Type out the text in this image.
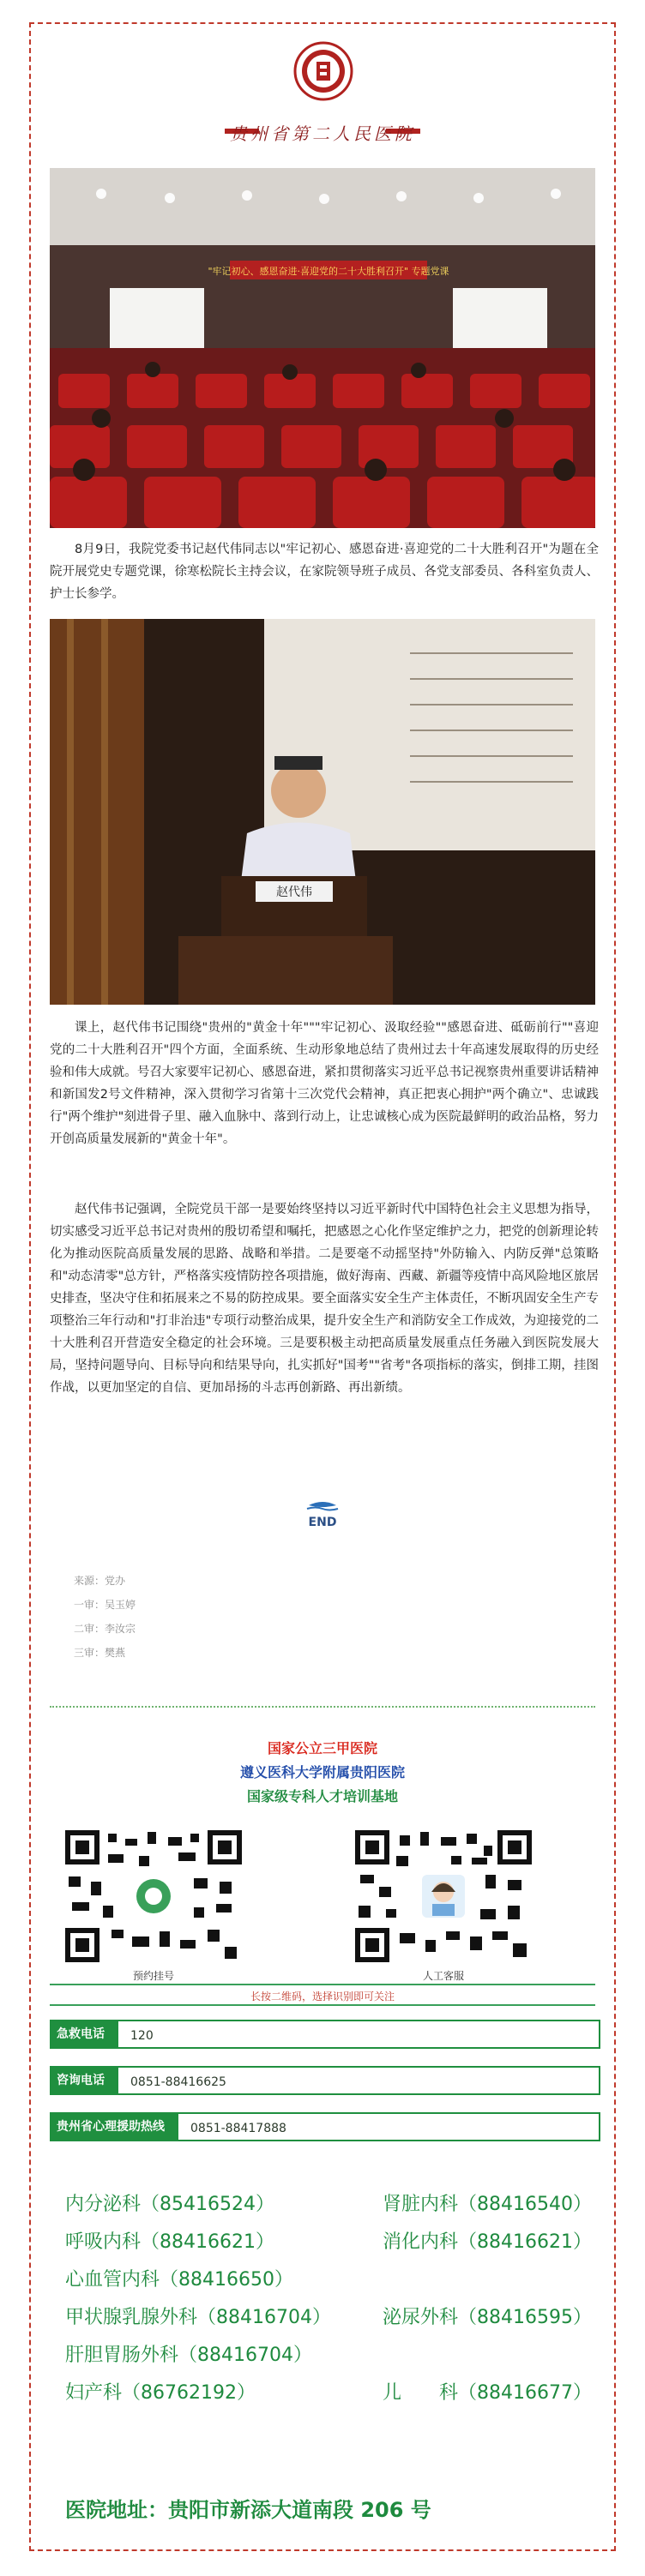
贵州省第二人民医院
"牢记初心、感恩奋进·喜迎党的二十大胜利召开" 专题党课
8月9日，我院党委书记赵代伟同志以"牢记初心、感恩奋进·喜迎党的二十大胜利召开"为题在全院开展党史专题党课，徐寒松院长主持会议，在家院领导班子成员、各党支部委员、各科室负责人、护士长参学。
赵代伟
课上，赵代伟书记围绕"贵州的"黄金十年"""牢记初心、汲取经验""感恩奋进、砥砺前行""喜迎党的二十大胜利召开"四个方面，全面系统、生动形象地总结了贵州过去十年高速发展取得的历史经验和伟大成就。号召大家要牢记初心、感恩奋进，紧扣贯彻落实习近平总书记视察贵州重要讲话精神和新国发2号文件精神，深入贯彻学习省第十三次党代会精神，真正把衷心拥护"两个确立"、忠诚践行"两个维护"刻进骨子里、融入血脉中、落到行动上，让忠诚核心成为医院最鲜明的政治品格，努力开创高质量发展新的"黄金十年"。
赵代伟书记强调，全院党员干部一是要始终坚持以习近平新时代中国特色社会主义思想为指导，切实感受习近平总书记对贵州的殷切希望和嘱托，把感恩之心化作坚定维护之力，把党的创新理论转化为推动医院高质量发展的思路、战略和举措。二是要毫不动摇坚持"外防输入、内防反弹"总策略和"动态清零"总方针，严格落实疫情防控各项措施，做好海南、西藏、新疆等疫情中高风险地区旅居史排查，坚决守住和拓展来之不易的防控成果。要全面落实安全生产主体责任，不断巩固安全生产专项整治三年行动和"打非治违"专项行动整治成果，提升安全生产和消防安全工作成效，为迎接党的二十大胜利召开营造安全稳定的社会环境。三是要积极主动把高质量发展重点任务融入到医院发展大局，坚持问题导向、目标导向和结果导向，扎实抓好"国考""省考"各项指标的落实，倒排工期，挂图作战，以更加坚定的自信、更加昂扬的斗志再创新路、再出新绩。
END
来源：党办
一审：吴玉婷
二审：李汝宗
三审：樊燕
国家公立三甲医院
遵义医科大学附属贵阳医院
国家级专科人才培训基地
预约挂号	人工客服
长按二维码，选择识别即可关注
急救电话	120
咨询电话	0851-88416625
贵州省心理援助热线	0851-88417888
内分泌科（85416524）	肾脏内科（88416540）
呼吸内科（88416621）	消化内科（88416621）
心血管内科（88416650）
甲状腺乳腺外科（88416704）	泌尿外科（88416595）
肝胆胃肠外科（88416704）
妇产科（86762192）	儿　　科（88416677）
医院地址：贵阳市新添大道南段 206 号
